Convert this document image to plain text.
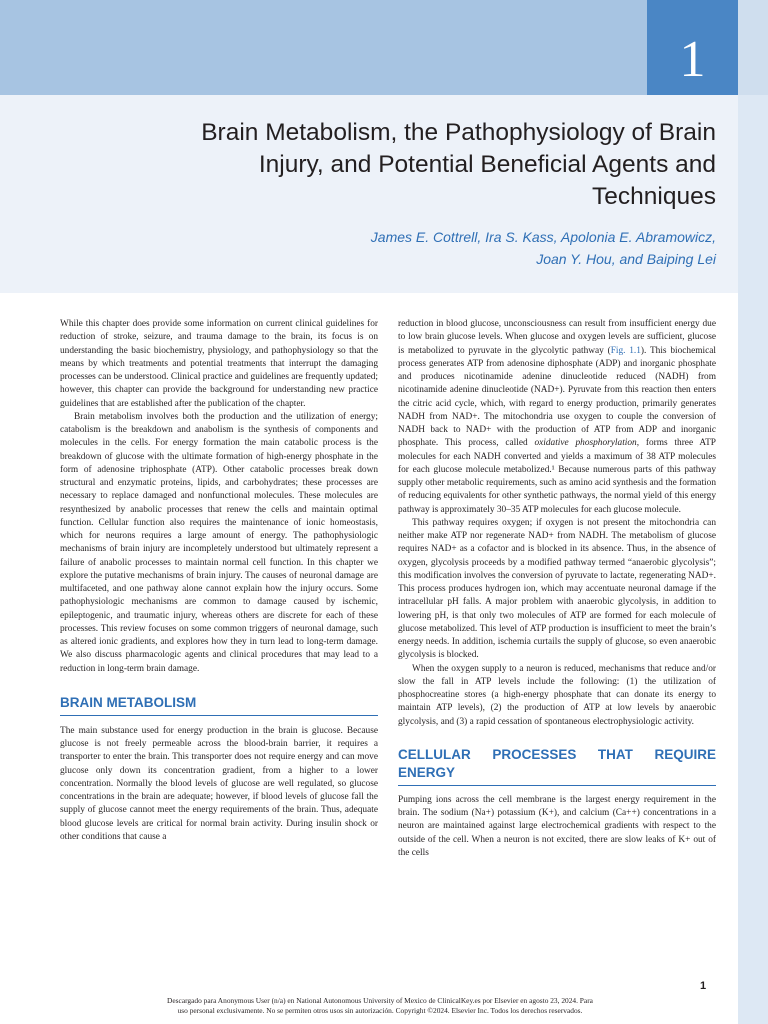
1
Brain Metabolism, the Pathophysiology of Brain Injury, and Potential Beneficial Agents and Techniques
James E. Cottrell, Ira S. Kass, Apolonia E. Abramowicz,
Joan Y. Hou, and Baiping Lei

While this chapter does provide some information on current clinical guidelines for reduction of stroke, seizure, and trauma damage to the brain, its focus is on understanding the basic biochemistry, physiology, and pathophysiology so that the means by which treatments and potential treatments that interrupt the damaging processes can be understood. Clinical practice and guidelines are frequently updated; however, this chapter can provide the background for understanding new practice guidelines that are established after the publication of the chapter.

Brain metabolism involves both the production and the utilization of energy; catabolism is the breakdown and anabolism is the synthesis of components and molecules in the cells. For energy formation the main catabolic process is the breakdown of glucose with the ultimate formation of high-energy phosphate in the form of adenosine triphosphate (ATP). Other catabolic processes break down structural and enzymatic proteins, lipids, and carbohydrates; these processes are necessary to replace damaged and nonfunctional molecules. These molecules are resynthesized by anabolic processes that renew the cells and maintain optimal function. Cellular function also requires the maintenance of ionic homeostasis, which for neurons requires a large amount of energy. The pathophysiologic mechanisms of brain injury are incompletely understood but ultimately represent a failure of anabolic processes to maintain normal cell function. In this chapter we explore the putative mechanisms of brain injury. The causes of neuronal damage are multifaceted, and one pathway alone cannot explain how the injury occurs. Some pathophysiologic mechanisms are common to damage caused by ischemic, epileptogenic, and traumatic injury, whereas others are discrete for each of these processes. This review focuses on some common triggers of neuronal damage, such as altered ionic gradients, and explores how they in turn lead to long-term damage. We also discuss pharmacologic agents and clinical procedures that may lead to a reduction in long-term brain damage.

BRAIN METABOLISM

The main substance used for energy production in the brain is glucose. Because glucose is not freely permeable across the blood-brain barrier, it requires a transporter to enter the brain. This transporter does not require energy and can move glucose only down its concentration gradient, from a higher to a lower concentration. Normally the blood levels of glucose are well regulated, so glucose concentrations in the brain are adequate; however, if blood levels of glucose fall the supply of glucose cannot meet the energy requirements of the brain. Thus, adequate blood glucose levels are critical for normal brain activity. During insulin shock or other conditions that cause a

reduction in blood glucose, unconsciousness can result from insufficient energy due to low brain glucose levels. When glucose and oxygen levels are sufficient, glucose is metabolized to pyruvate in the glycolytic pathway (Fig. 1.1). This biochemical process generates ATP from adenosine diphosphate (ADP) and inorganic phosphate and produces nicotinamide adenine dinucleotide reduced (NADH) from nicotinamide adenine dinucleotide (NAD+). Pyruvate from this reaction then enters the citric acid cycle, which, with regard to energy production, primarily generates NADH from NAD+. The mitochondria use oxygen to couple the conversion of NADH back to NAD+ with the production of ATP from ADP and inorganic phosphate. This process, called oxidative phosphorylation, forms three ATP molecules for each NADH converted and yields a maximum of 38 ATP molecules for each glucose molecule metabolized.¹ Because numerous parts of this pathway supply other metabolic requirements, such as amino acid synthesis and the formation of reducing equivalents for other synthetic pathways, the normal yield of this energy pathway is approximately 30–35 ATP molecules for each glucose molecule.

This pathway requires oxygen; if oxygen is not present the mitochondria can neither make ATP nor regenerate NAD+ from NADH. The metabolism of glucose requires NAD+ as a cofactor and is blocked in its absence. Thus, in the absence of oxygen, glycolysis proceeds by a modified pathway termed “anaerobic glycolysis”; this modification involves the conversion of pyruvate to lactate, regenerating NAD+. This process produces hydrogen ion, which may accentuate neuronal damage if the intracellular pH falls. A major problem with anaerobic glycolysis, in addition to lowering pH, is that only two molecules of ATP are formed for each molecule of glucose metabolized. This level of ATP production is insufficient to meet the brain’s energy needs. In addition, ischemia curtails the supply of glucose, so even anaerobic glycolysis is blocked.

When the oxygen supply to a neuron is reduced, mechanisms that reduce and/or slow the fall in ATP levels include the following: (1) the utilization of phosphocreatine stores (a high-energy phosphate that can donate its energy to maintain ATP levels), (2) the production of ATP at low levels by anaerobic glycolysis, and (3) a rapid cessation of spontaneous electrophysiologic activity.

CELLULAR PROCESSES THAT REQUIRE ENERGY

Pumping ions across the cell membrane is the largest energy requirement in the brain. The sodium (Na+) potassium (K+), and calcium (Ca++) concentrations in a neuron are maintained against large electrochemical gradients with respect to the outside of the cell. When a neuron is not excited, there are slow leaks of K+ out of the cells

1
Descargado para Anonymous User (n/a) en National Autonomous University of Mexico de ClinicalKey.es por Elsevier en agosto 23, 2024. Para
uso personal exclusivamente. No se permiten otros usos sin autorización. Copyright ©2024. Elsevier Inc. Todos los derechos reservados.
